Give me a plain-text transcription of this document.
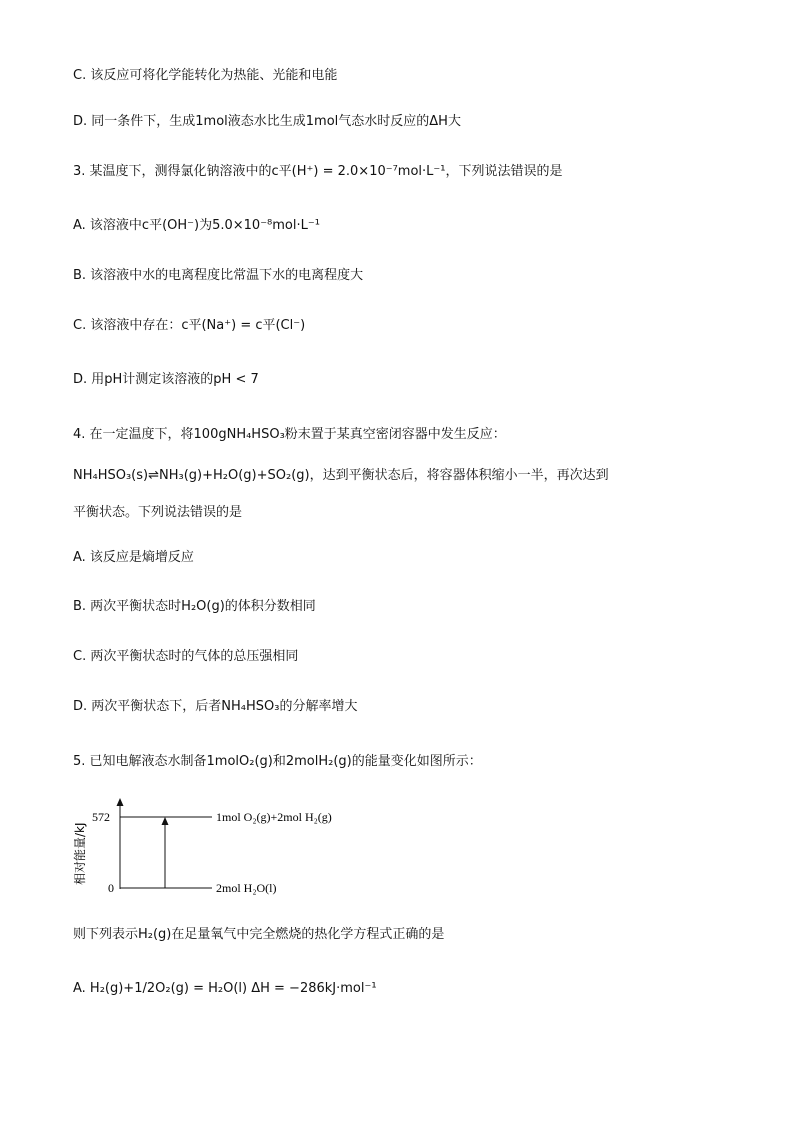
C. 该反应可将化学能转化为热能、光能和电能
D. 同一条件下，生成1mol液态水比生成1mol气态水时反应的ΔH大
3. 某温度下，测得氯化钠溶液中的c平(H⁺) = 2.0×10⁻⁷mol·L⁻¹，下列说法错误的是
A. 该溶液中c平(OH⁻)为5.0×10⁻⁸mol·L⁻¹
B. 该溶液中水的电离程度比常温下水的电离程度大
C. 该溶液中存在：c平(Na⁺) = c平(Cl⁻)
D. 用pH计测定该溶液的pH < 7
4. 在一定温度下，将100gNH₄HSO₃粉末置于某真空密闭容器中发生反应：
NH₄HSO₃(s)⇌NH₃(g)+H₂O(g)+SO₂(g)，达到平衡状态后，将容器体积缩小一半，再次达到
平衡状态。下列说法错误的是
A. 该反应是熵增反应
B. 两次平衡状态时H₂O(g)的体积分数相同
C. 两次平衡状态时的气体的总压强相同
D. 两次平衡状态下，后者NH₄HSO₃的分解率增大
5. 已知电解液态水制备1molO₂(g)和2molH₂(g)的能量变化如图所示：
相对能量/kJ
572
0
1mol O₂(g)+2mol H₂(g)
2mol H₂O(l)
则下列表示H₂(g)在足量氧气中完全燃烧的热化学方程式正确的是
A. H₂(g)+1/2O₂(g) = H₂O(l) ΔH = −286kJ·mol⁻¹
